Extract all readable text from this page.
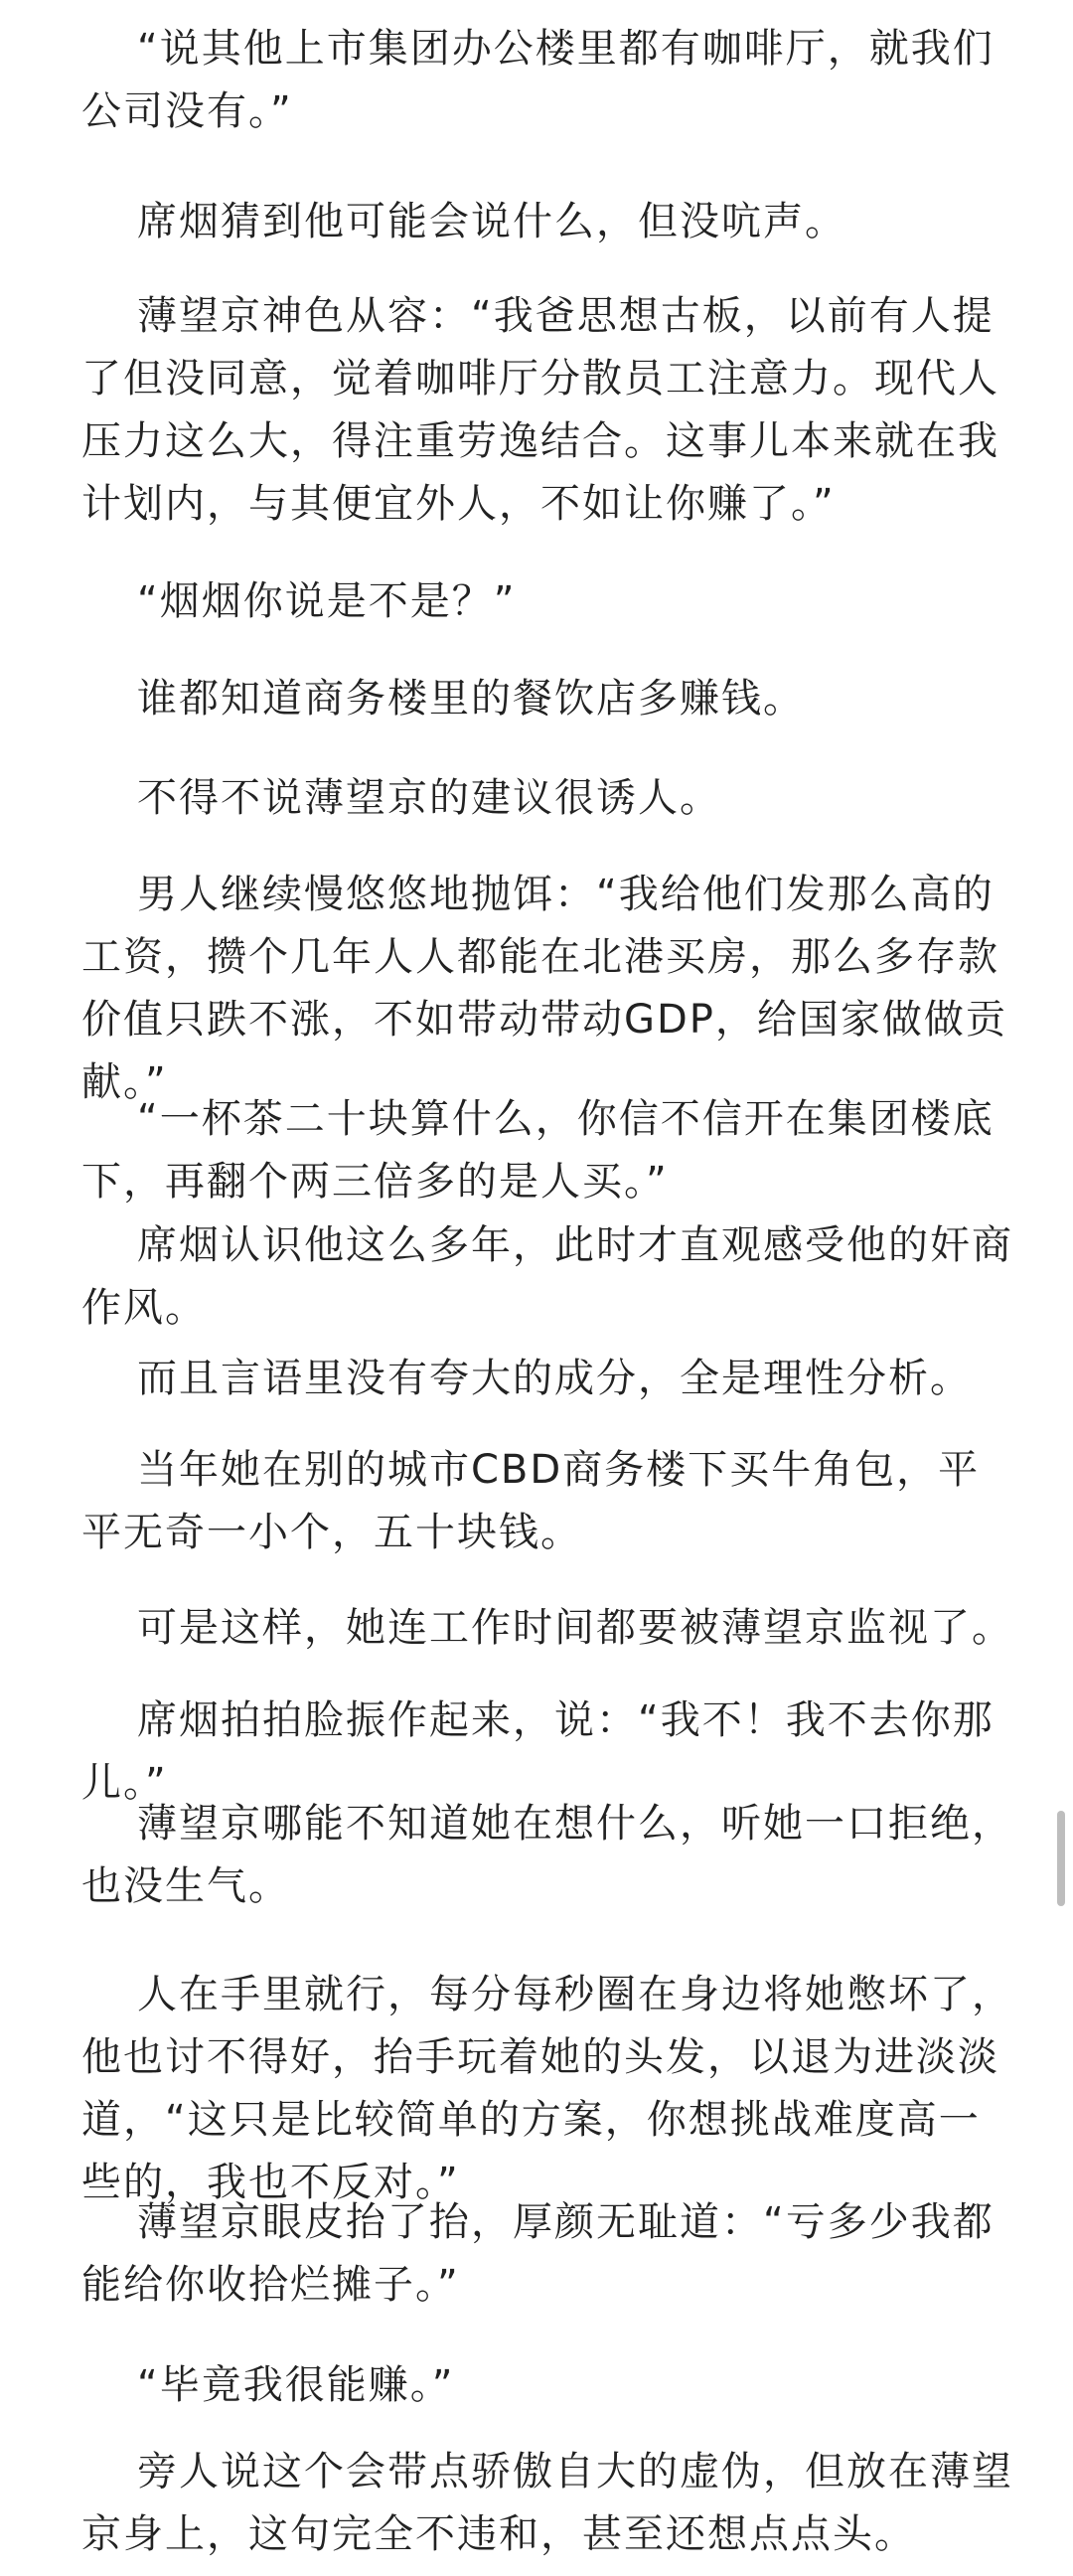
“说其他上市集团办公楼里都有咖啡厅，就我们公司没有。”

席烟猜到他可能会说什么，但没吭声。

薄望京神色从容：“我爸思想古板，以前有人提了但没同意，觉着咖啡厅分散员工注意力。现代人压力这么大，得注重劳逸结合。这事儿本来就在我计划内，与其便宜外人，不如让你赚了。”

“烟烟你说是不是？”

谁都知道商务楼里的餐饮店多赚钱。

不得不说薄望京的建议很诱人。

男人继续慢悠悠地抛饵：“我给他们发那么高的工资，攒个几年人人都能在北港买房，那么多存款价值只跌不涨，不如带动带动GDP，给国家做做贡献。”

“一杯茶二十块算什么，你信不信开在集团楼底下，再翻个两三倍多的是人买。”

席烟认识他这么多年，此时才直观感受他的奸商作风。

而且言语里没有夸大的成分，全是理性分析。

当年她在别的城市CBD商务楼下买牛角包，平平无奇一小个，五十块钱。

可是这样，她连工作时间都要被薄望京监视了。

席烟拍拍脸振作起来，说：“我不！我不去你那儿。”

薄望京哪能不知道她在想什么，听她一口拒绝，也没生气。

人在手里就行，每分每秒圈在身边将她憋坏了，他也讨不得好，抬手玩着她的头发，以退为进淡淡道，“这只是比较简单的方案，你想挑战难度高一些的，我也不反对。”

薄望京眼皮抬了抬，厚颜无耻道：“亏多少我都能给你收拾烂摊子。”

“毕竟我很能赚。”

旁人说这个会带点骄傲自大的虚伪，但放在薄望京身上，这句完全不违和，甚至还想点点头。
